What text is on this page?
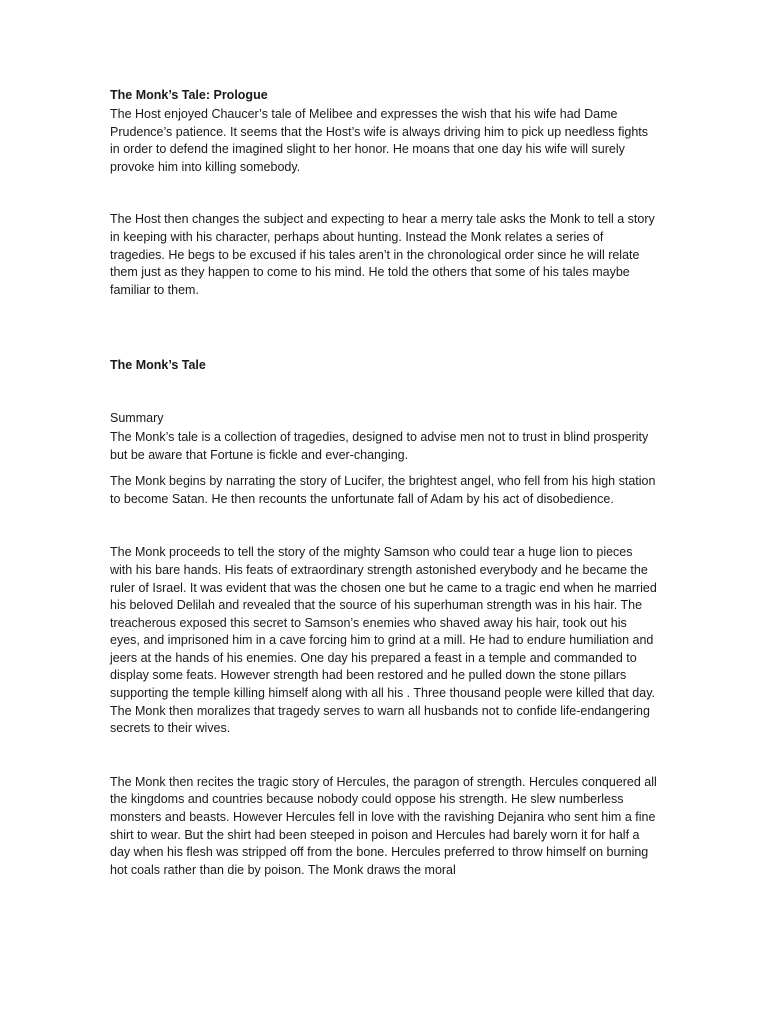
The Monk’s Tale: Prologue

The Host enjoyed Chaucer’s tale of Melibee and expresses the wish that his wife had Dame Prudence’s patience. It seems that the Host’s wife is always driving him to pick up needless fights in order to defend the imagined slight to her honor. He moans that one day his wife will surely provoke him into killing somebody.

The Host then changes the subject and expecting to hear a merry tale asks the Monk to tell a story in keeping with his character, perhaps about hunting. Instead the Monk relates a series of tragedies. He begs to be excused if his tales aren’t in the chronological order since he will relate them just as they happen to come to his mind. He told the others that some of his tales maybe familiar to them.

The Monk’s Tale

Summary

The Monk’s tale is a collection of tragedies, designed to advise men not to trust in blind prosperity but be aware that Fortune is fickle and ever-changing.

The Monk begins by narrating the story of Lucifer, the brightest angel, who fell from his high station to become Satan. He then recounts the unfortunate fall of Adam by his act of disobedience.

The Monk proceeds to tell the story of the mighty Samson who could tear a huge lion to pieces with his bare hands. His feats of extraordinary strength astonished everybody and he became the ruler of Israel. It was evident that was the chosen one but he came to a tragic end when he married his beloved Delilah and revealed that the source of his superhuman strength was in his hair. The treacherous exposed this secret to Samson’s enemies who shaved away his hair, took out his eyes, and imprisoned him in a cave forcing him to grind at a mill. He had to endure humiliation and jeers at the hands of his enemies. One day his prepared a feast in a temple and commanded to display some feats. However strength had been restored and he pulled down the stone pillars supporting the temple killing himself along with all his . Three thousand people were killed that day. The Monk then moralizes that tragedy serves to warn all husbands not to confide life-endangering secrets to their wives.

The Monk then recites the tragic story of Hercules, the paragon of strength. Hercules conquered all the kingdoms and countries because nobody could oppose his strength. He slew numberless monsters and beasts. However Hercules fell in love with the ravishing Dejanira who sent him a fine shirt to wear. But the shirt had been steeped in poison and Hercules had barely worn it for half a day when his flesh was stripped off from the bone. Hercules preferred to throw himself on burning hot coals rather than die by poison. The Monk draws the moral
